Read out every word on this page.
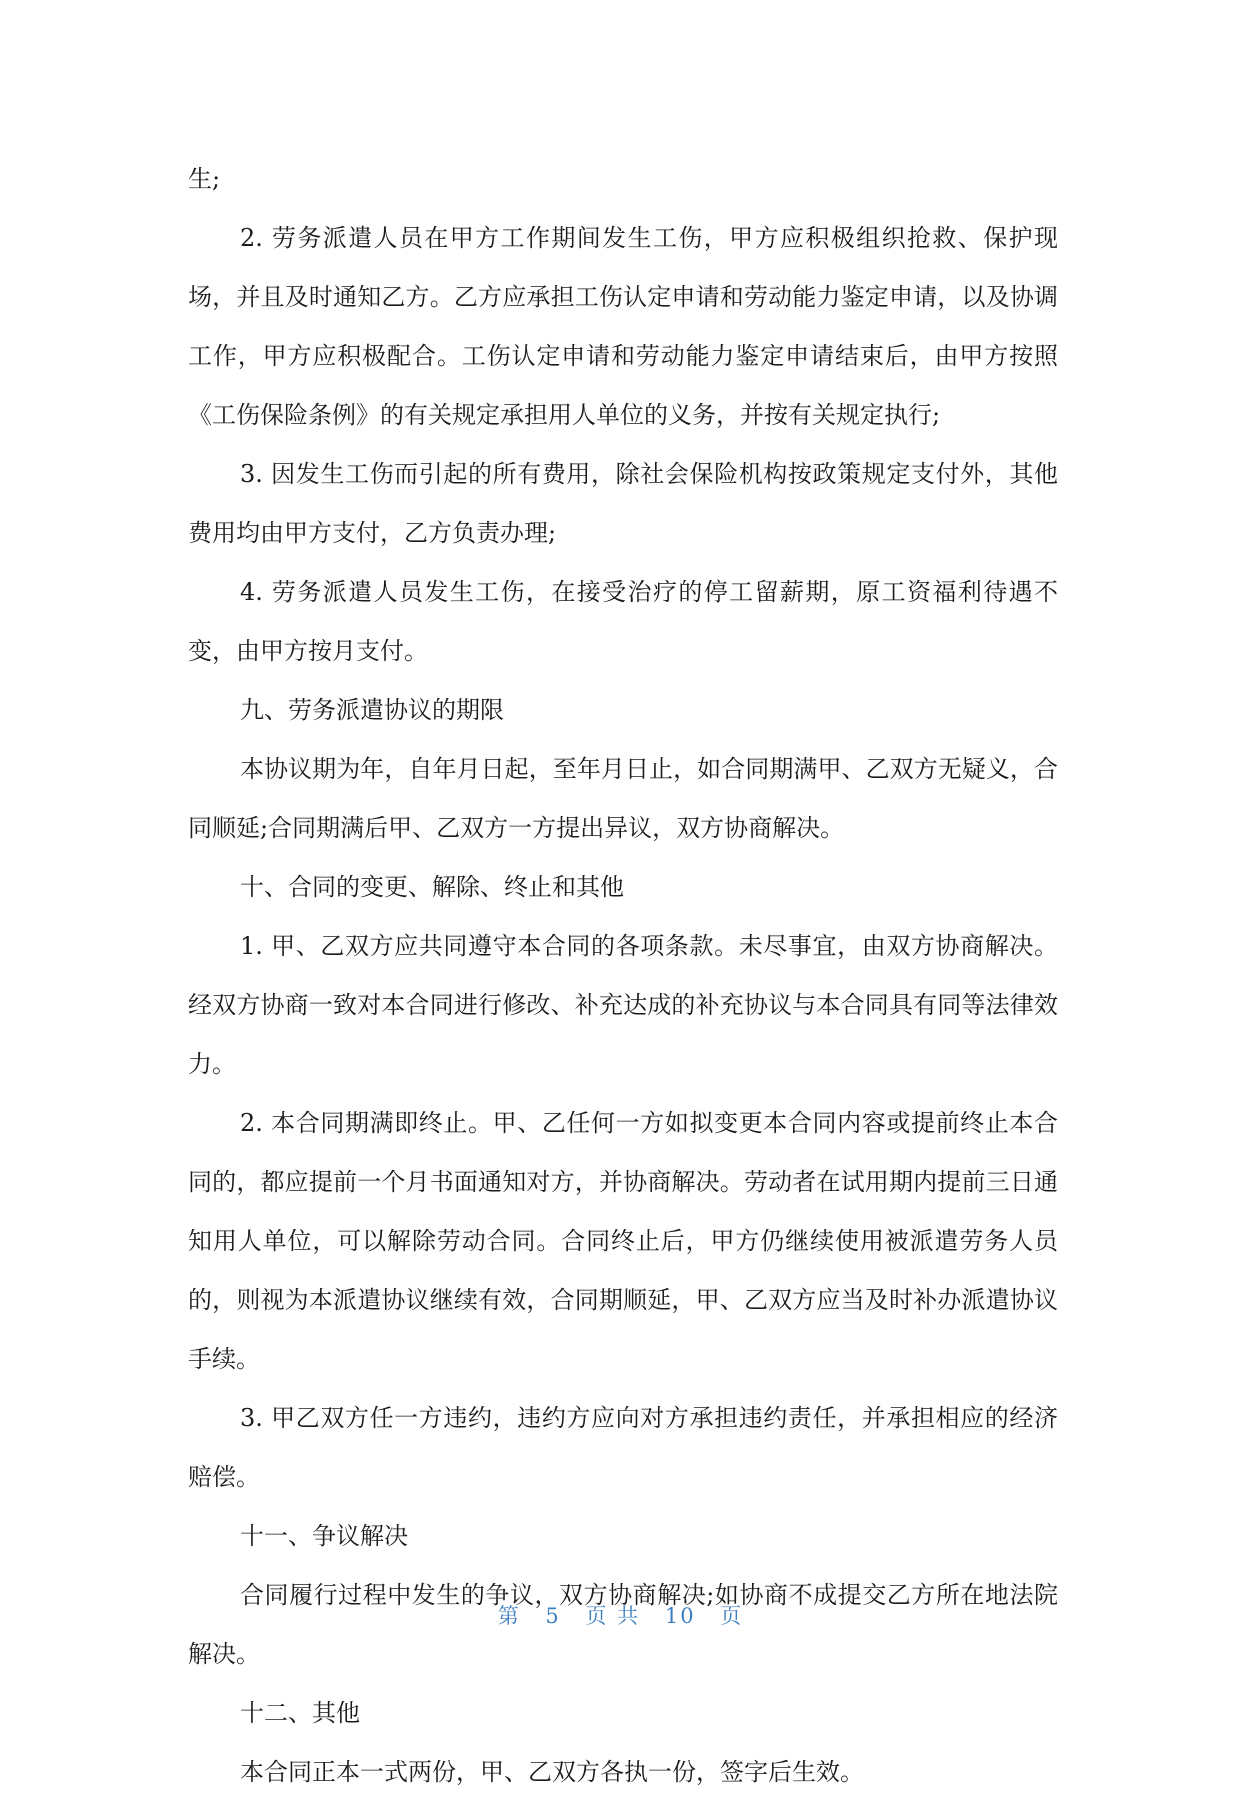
生;

2. 劳务派遣人员在甲方工作期间发生工伤，甲方应积极组织抢救、保护现场，并且及时通知乙方。乙方应承担工伤认定申请和劳动能力鉴定申请，以及协调工作，甲方应积极配合。工伤认定申请和劳动能力鉴定申请结束后，由甲方按照《工伤保险条例》的有关规定承担用人单位的义务，并按有关规定执行;

3. 因发生工伤而引起的所有费用，除社会保险机构按政策规定支付外，其他费用均由甲方支付，乙方负责办理;

4. 劳务派遣人员发生工伤，在接受治疗的停工留薪期，原工资福利待遇不变，由甲方按月支付。

九、劳务派遣协议的期限

本协议期为年，自年月日起，至年月日止，如合同期满甲、乙双方无疑义，合同顺延;合同期满后甲、乙双方一方提出异议，双方协商解决。

十、合同的变更、解除、终止和其他

1. 甲、乙双方应共同遵守本合同的各项条款。未尽事宜，由双方协商解决。经双方协商一致对本合同进行修改、补充达成的补充协议与本合同具有同等法律效力。

2. 本合同期满即终止。甲、乙任何一方如拟变更本合同内容或提前终止本合同的，都应提前一个月书面通知对方，并协商解决。劳动者在试用期内提前三日通知用人单位，可以解除劳动合同。合同终止后，甲方仍继续使用被派遣劳务人员的，则视为本派遣协议继续有效，合同期顺延，甲、乙双方应当及时补办派遣协议手续。

3. 甲乙双方任一方违约，违约方应向对方承担违约责任，并承担相应的经济赔偿。

十一、争议解决

合同履行过程中发生的争议，双方协商解决;如协商不成提交乙方所在地法院解决。

十二、其他

本合同正本一式两份，甲、乙双方各执一份，签字后生效。

第 5 页 共 10 页
